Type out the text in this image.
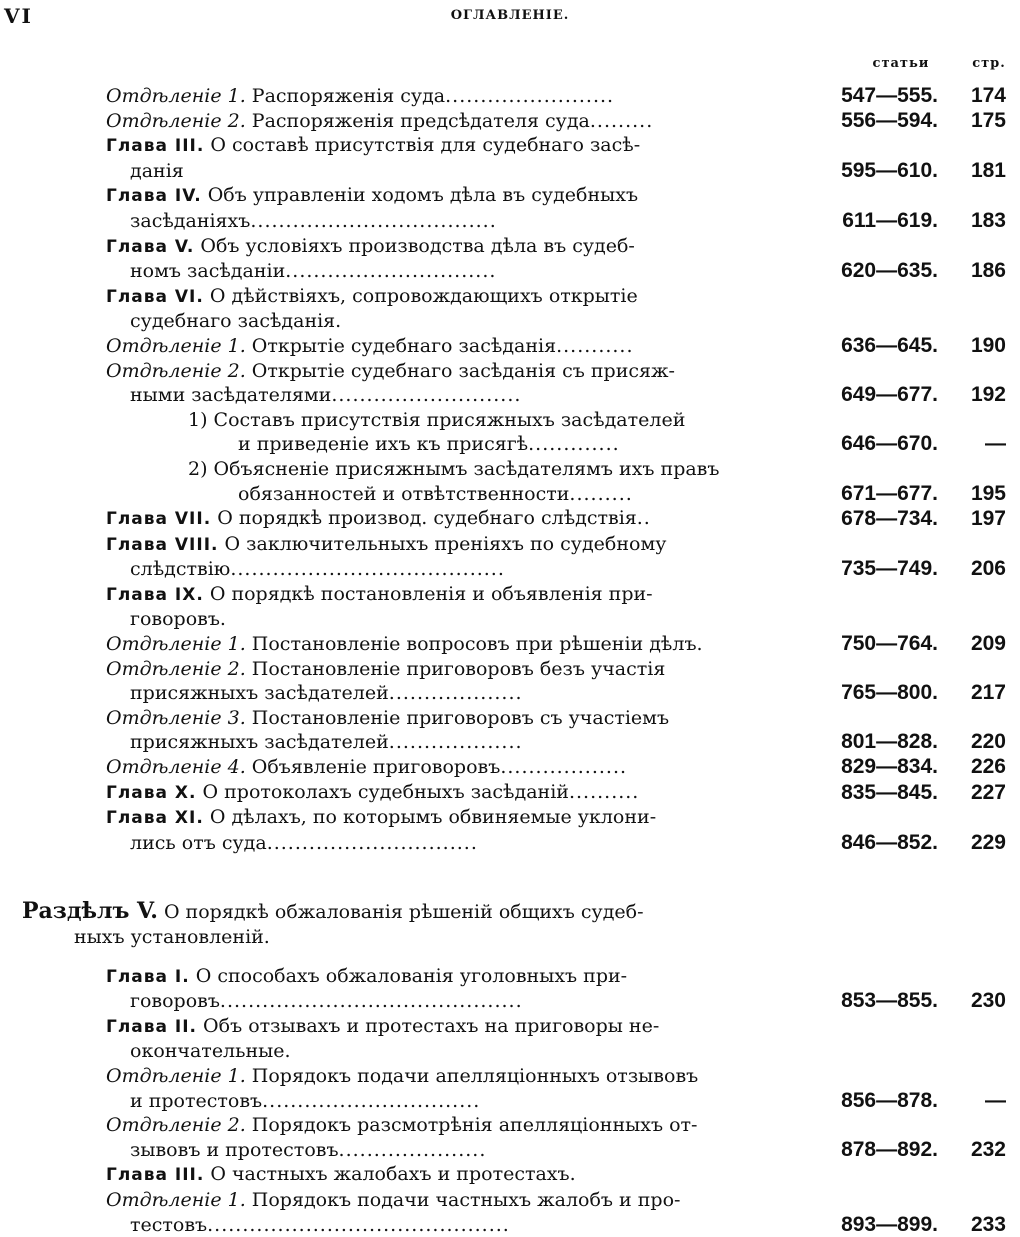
VI	ОГЛАВЛЕНІЕ.
статьи	стр.
Отдѣленіе 1. Распоряженія суда........................	547—555.	174
Отдѣленіе 2. Распоряженія предсѣдателя суда.........	556—594.	175
Глава III. О составѣ присутствія для судебнаго засѣ-
данія	595—610.	181
Глава IV. Объ управленіи ходомъ дѣла въ судебныхъ
засѣданіяхъ...................................	611—619.	183
Глава V. Объ условіяхъ производства дѣла въ судеб-
номъ засѣданіи..............................	620—635.	186
Глава VI. О дѣйствіяхъ, сопровождающихъ открытіе
судебнаго засѣданія.
Отдѣленіе 1. Открытіе судебнаго засѣданія...........	636—645.	190
Отдѣленіе 2. Открытіе судебнаго засѣданія съ присяж-
ными засѣдателями...........................	649—677.	192
1) Составъ присутствія присяжныхъ засѣдателей
и приведеніе ихъ къ присягѣ.............	646—670.	—
2) Объясненіе присяжнымъ засѣдателямъ ихъ правъ
обязанностей и отвѣтственности.........	671—677.	195
Глава VII. О порядкѣ производ. судебнаго слѣдствія..	678—734.	197
Глава VIII. О заключительныхъ преніяхъ по судебному
слѣдствію.......................................	735—749.	206
Глава IX. О порядкѣ постановленія и объявленія при-
говоровъ.
Отдѣленіе 1. Постановленіе вопросовъ при рѣшеніи дѣлъ.	750—764.	209
Отдѣленіе 2. Постановленіе приговоровъ безъ участія
присяжныхъ засѣдателей...................	765—800.	217
Отдѣленіе 3. Постановленіе приговоровъ съ участіемъ
присяжныхъ засѣдателей...................	801—828.	220
Отдѣленіе 4. Объявленіе приговоровъ..................	829—834.	226
Глава X. О протоколахъ судебныхъ засѣданій..........	835—845.	227
Глава XI. О дѣлахъ, по которымъ обвиняемые уклони-
лись отъ суда..............................	846—852.	229
Раздѣлъ V. О порядкѣ обжалованія рѣшеній общихъ судеб-
ныхъ установленій.
Глава I. О способахъ обжалованія уголовныхъ при-
говоровъ...........................................	853—855.	230
Глава II. Объ отзывахъ и протестахъ на приговоры не-
окончательные.
Отдѣленіе 1. Порядокъ подачи апелляціонныхъ отзывовъ
и протестовъ...............................	856—878.	—
Отдѣленіе 2. Порядокъ разсмотрѣнія апелляціонныхъ от-
зывовъ и протестовъ.....................	878—892.	232
Глава III. О частныхъ жалобахъ и протестахъ.
Отдѣленіе 1. Порядокъ подачи частныхъ жалобъ и про-
тестовъ...........................................	893—899.	233
